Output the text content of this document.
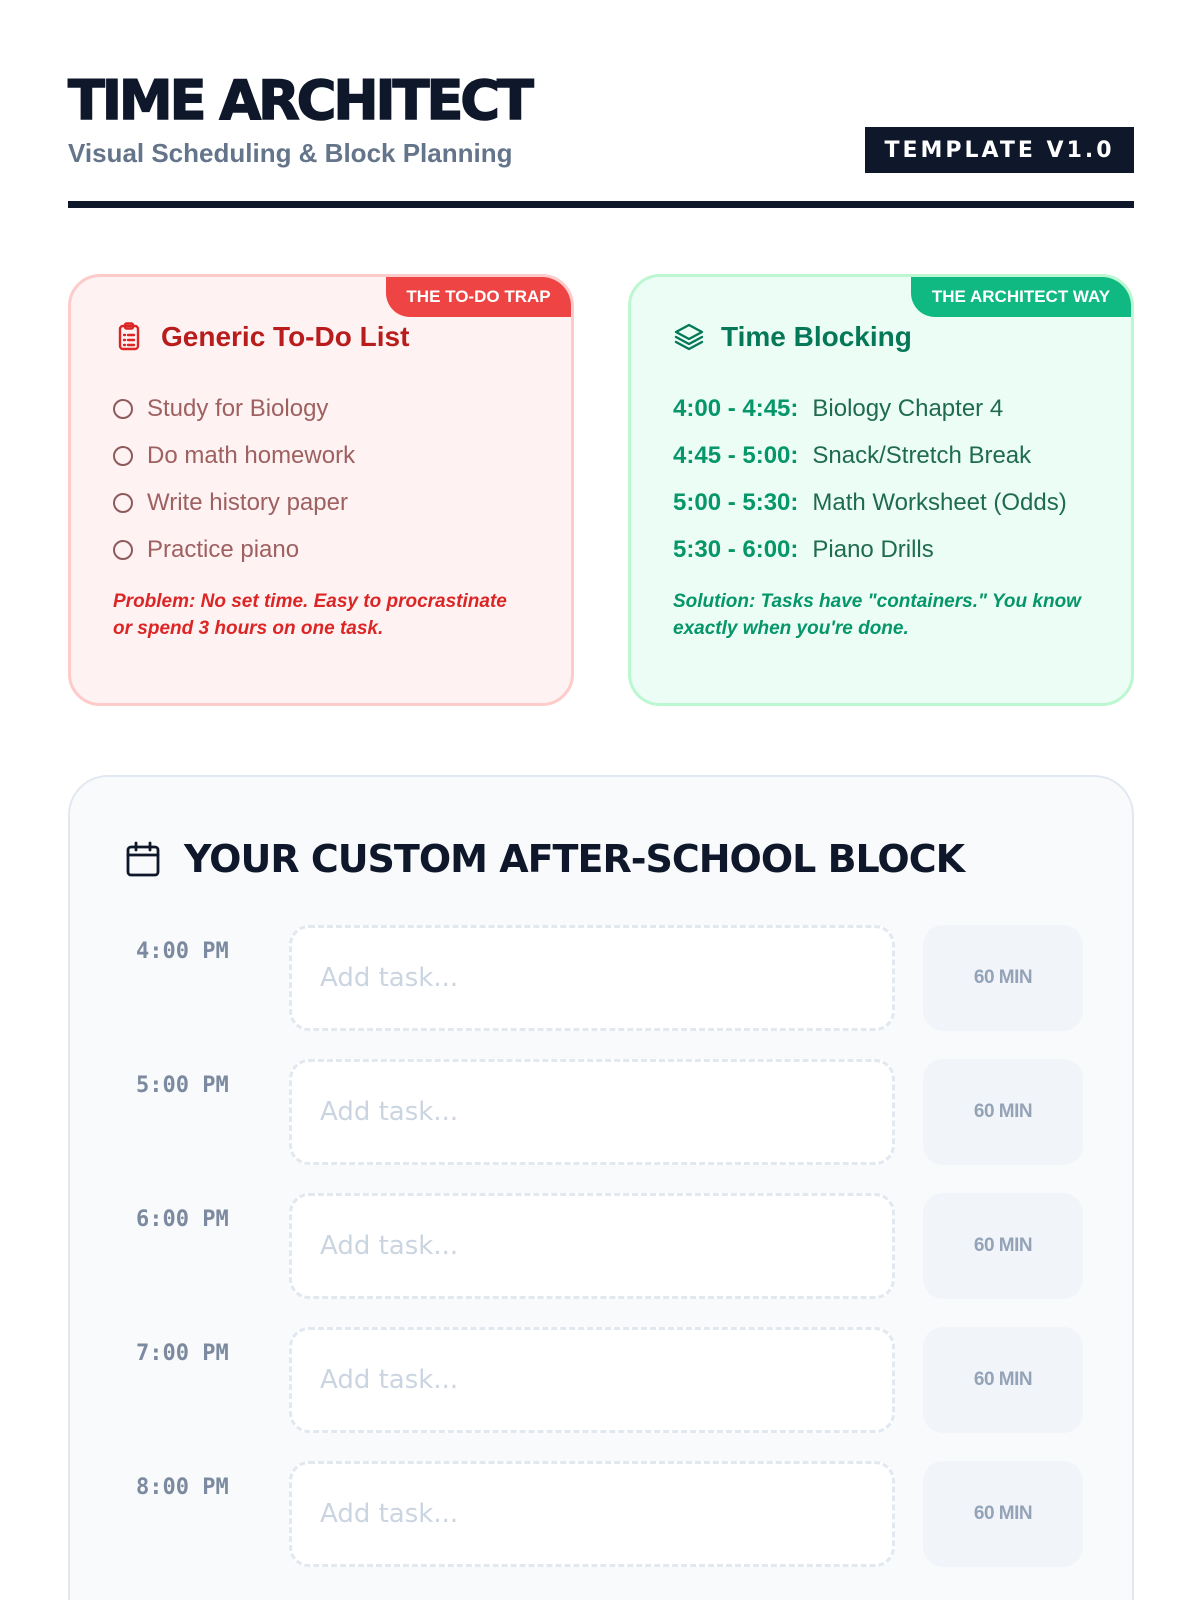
TIME ARCHITECT
Visual Scheduling & Block Planning	TEMPLATE V1.0
THE TO-DO TRAP
Generic To-Do List
Study for Biology
Do math homework
Write history paper
Practice piano

Problem: No set time. Easy to procrastinate or spend 3 hours on one task.

THE ARCHITECT WAY
Time Blocking
4:00 - 4:45: Biology Chapter 4
4:45 - 5:00: Snack/Stretch Break
5:00 - 5:30: Math Worksheet (Odds)
5:30 - 6:00: Piano Drills

Solution: Tasks have "containers." You know exactly when you're done.

YOUR CUSTOM AFTER-SCHOOL BLOCK
4:00 PM
Add task...
60 MIN
5:00 PM
Add task...
60 MIN
6:00 PM
Add task...
60 MIN
7:00 PM
Add task...
60 MIN
8:00 PM
Add task...
60 MIN
